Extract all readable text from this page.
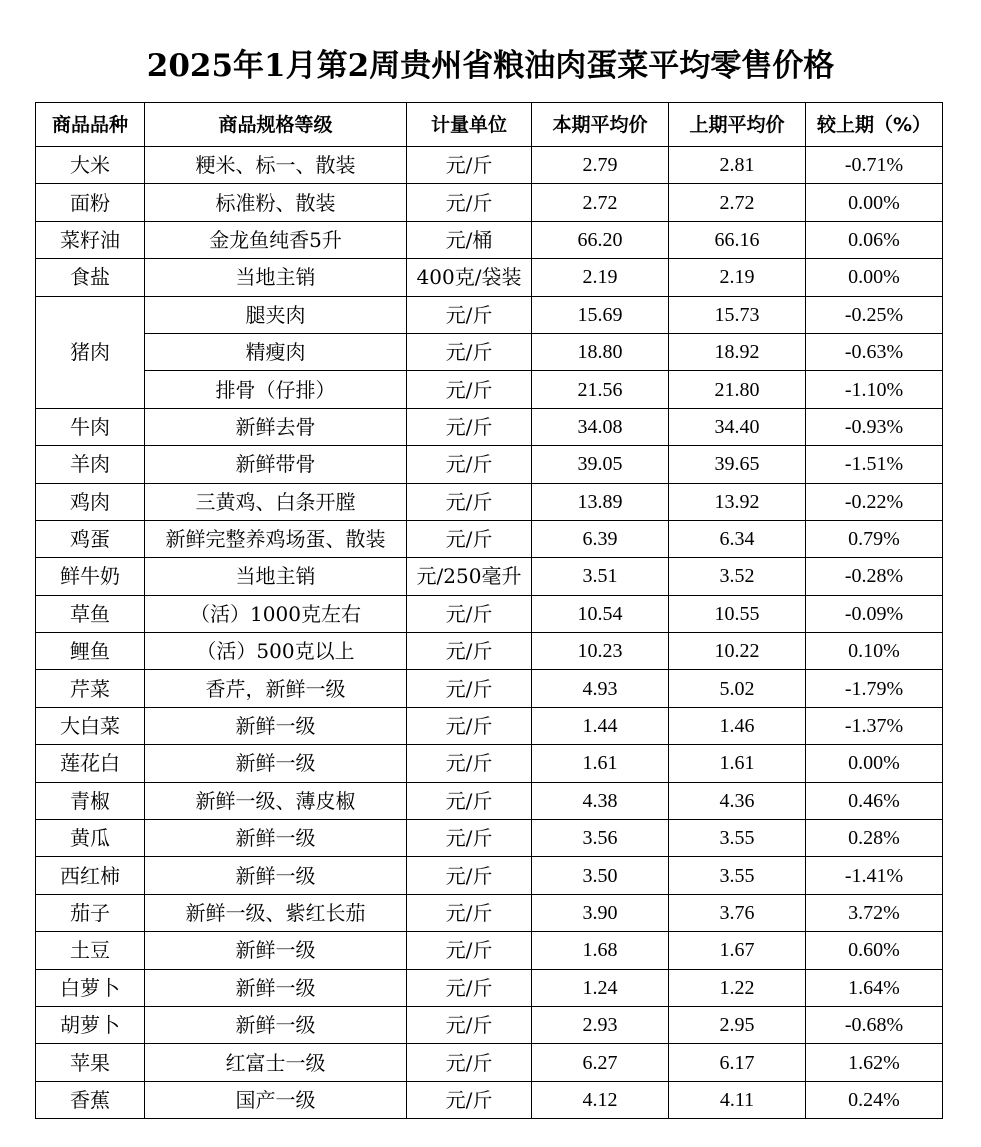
2025年1月第2周贵州省粮油肉蛋菜平均零售价格
商品品种	商品规格等级	计量单位	本期平均价	上期平均价	较上期（%）
大米	粳米、标一、散装	元/斤	2.79	2.81	-0.71%
面粉	标准粉、散装	元/斤	2.72	2.72	0.00%
菜籽油	金龙鱼纯香5升	元/桶	66.20	66.16	0.06%
食盐	当地主销	400克/袋装	2.19	2.19	0.00%
猪肉	腿夹肉	元/斤	15.69	15.73	-0.25%
	精瘦肉	元/斤	18.80	18.92	-0.63%
	排骨（仔排）	元/斤	21.56	21.80	-1.10%
牛肉	新鲜去骨	元/斤	34.08	34.40	-0.93%
羊肉	新鲜带骨	元/斤	39.05	39.65	-1.51%
鸡肉	三黄鸡、白条开膛	元/斤	13.89	13.92	-0.22%
鸡蛋	新鲜完整养鸡场蛋、散装	元/斤	6.39	6.34	0.79%
鲜牛奶	当地主销	元/250毫升	3.51	3.52	-0.28%
草鱼	（活）1000克左右	元/斤	10.54	10.55	-0.09%
鲤鱼	（活）500克以上	元/斤	10.23	10.22	0.10%
芹菜	香芹，新鲜一级	元/斤	4.93	5.02	-1.79%
大白菜	新鲜一级	元/斤	1.44	1.46	-1.37%
莲花白	新鲜一级	元/斤	1.61	1.61	0.00%
青椒	新鲜一级、薄皮椒	元/斤	4.38	4.36	0.46%
黄瓜	新鲜一级	元/斤	3.56	3.55	0.28%
西红柿	新鲜一级	元/斤	3.50	3.55	-1.41%
茄子	新鲜一级、紫红长茄	元/斤	3.90	3.76	3.72%
土豆	新鲜一级	元/斤	1.68	1.67	0.60%
白萝卜	新鲜一级	元/斤	1.24	1.22	1.64%
胡萝卜	新鲜一级	元/斤	2.93	2.95	-0.68%
苹果	红富士一级	元/斤	6.27	6.17	1.62%
香蕉	国产一级	元/斤	4.12	4.11	0.24%
